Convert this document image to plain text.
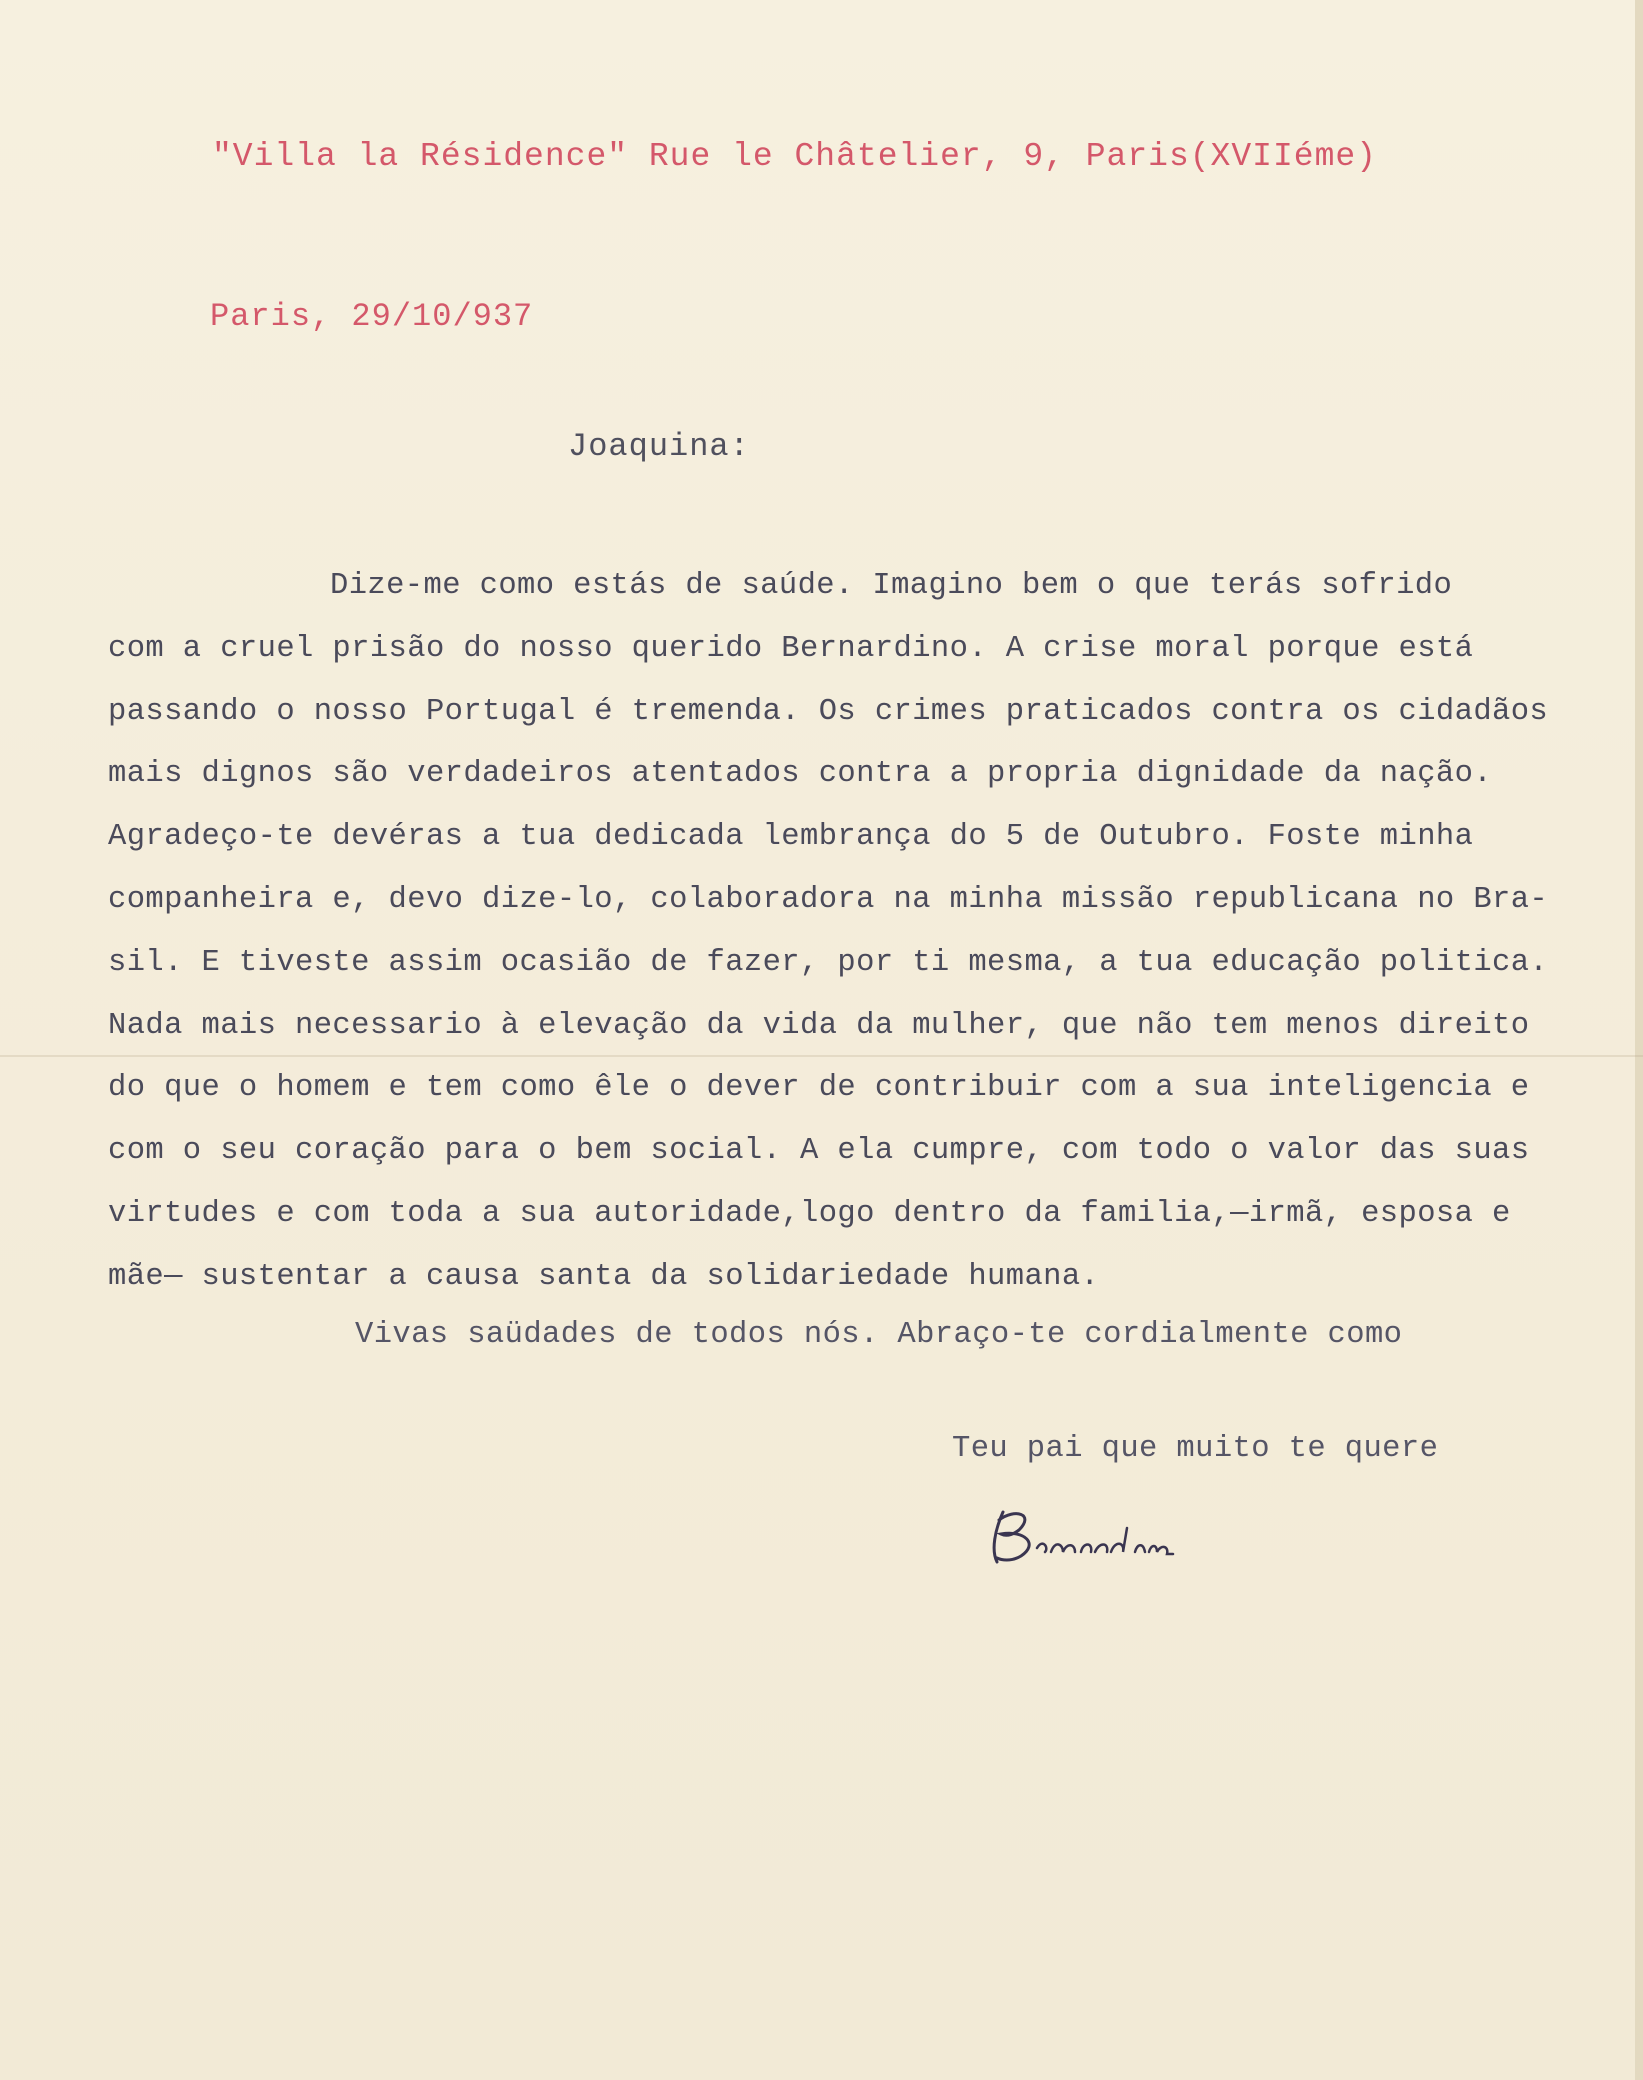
"Villa la Résidence" Rue le Châtelier, 9, Paris(XVIIéme)
Paris, 29/10/937
Joaquina:
Dize-me como estás de saúde. Imagino bem o que terás sofrido
com a cruel prisão do nosso querido Bernardino. A crise moral porque está
passando o nosso Portugal é tremenda. Os crimes praticados contra os cidadãos
mais dignos são verdadeiros atentados contra a propria dignidade da nação.
Agradeço-te devéras a tua dedicada lembrança do 5 de Outubro. Foste minha
companheira e, devo dize-lo, colaboradora na minha missão republicana no Bra-
sil. E tiveste assim ocasião de fazer, por ti mesma, a tua educação politica.
Nada mais necessario à elevação da vida da mulher, que não tem menos direito
do que o homem e tem como êle o dever de contribuir com a sua inteligencia e
com o seu coração para o bem social. A ela cumpre, com todo o valor das suas
virtudes e com toda a sua autoridade,logo dentro da familia,—irmã, esposa e
mãe— sustentar a causa santa da solidariedade humana.
Vivas saüdades de todos nós. Abraço-te cordialmente como
Teu pai que muito te quere
